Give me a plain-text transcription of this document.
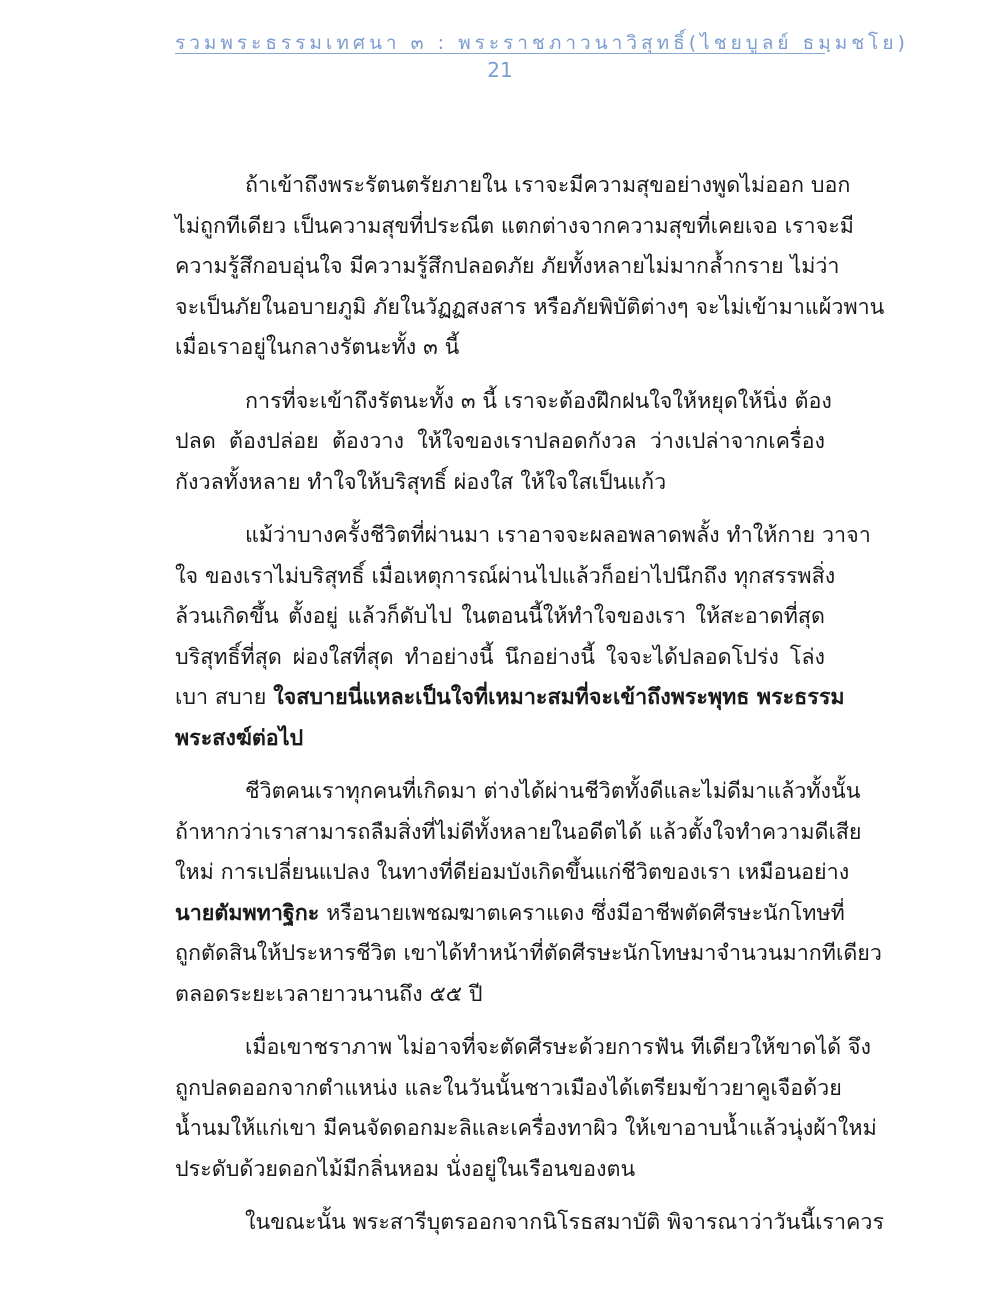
รวมพระธรรมเทศนา ๓ : พระราชภาวนาวิสุทธิ์(ไชยบูลย์ ธมฺมชโย)
21
ถ้าเข้าถึงพระรัตนตรัยภายใน เราจะมีความสุขอย่างพูดไม่ออก บอก
ไม่ถูกทีเดียว เป็นความสุขที่ประณีต แตกต่างจากความสุขที่เคยเจอ เราจะมี
ความรู้สึกอบอุ่นใจ มีความรู้สึกปลอดภัย ภัยทั้งหลายไม่มากล้ำกราย ไม่ว่า
จะเป็นภัยในอบายภูมิ ภัยในวัฏฏสงสาร หรือภัยพิบัติต่างๆ จะไม่เข้ามาแผ้วพาน
เมื่อเราอยู่ในกลางรัตนะทั้ง ๓ นี้
การที่จะเข้าถึงรัตนะทั้ง ๓ นี้ เราจะต้องฝึกฝนใจให้หยุดให้นิ่ง ต้อง
ปลด ต้องปล่อย ต้องวาง ให้ใจของเราปลอดกังวล ว่างเปล่าจากเครื่อง
กังวลทั้งหลาย ทำใจให้บริสุทธิ์ ผ่องใส ให้ใจใสเป็นแก้ว
แม้ว่าบางครั้งชีวิตที่ผ่านมา เราอาจจะผลอพลาดพลั้ง ทำให้กาย วาจา
ใจ ของเราไม่บริสุทธิ์ เมื่อเหตุการณ์ผ่านไปแล้วก็อย่าไปนึกถึง ทุกสรรพสิ่ง
ล้วนเกิดขึ้น ตั้งอยู่ แล้วก็ดับไป ในตอนนี้ให้ทำใจของเรา ให้สะอาดที่สุด
บริสุทธิ์ที่สุด ผ่องใสที่สุด ทำอย่างนี้ นึกอย่างนี้ ใจจะได้ปลอดโปร่ง โล่ง
เบา สบาย ใจสบายนี่แหละเป็นใจที่เหมาะสมที่จะเข้าถึงพระพุทธ พระธรรม
พระสงฆ์ต่อไป
ชีวิตคนเราทุกคนที่เกิดมา ต่างได้ผ่านชีวิตทั้งดีและไม่ดีมาแล้วทั้งนั้น
ถ้าหากว่าเราสามารถลืมสิ่งที่ไม่ดีทั้งหลายในอดีตได้ แล้วตั้งใจทำความดีเสีย
ใหม่ การเปลี่ยนแปลง ในทางที่ดีย่อมบังเกิดขึ้นแก่ชีวิตของเรา เหมือนอย่าง
นายตัมพทาฐิกะ หรือนายเพชฌฆาตเคราแดง ซึ่งมีอาชีพตัดศีรษะนักโทษที่
ถูกตัดสินให้ประหารชีวิต เขาได้ทำหน้าที่ตัดศีรษะนักโทษมาจำนวนมากทีเดียว
ตลอดระยะเวลายาวนานถึง ๕๕ ปี
เมื่อเขาชราภาพ ไม่อาจที่จะตัดศีรษะด้วยการฟัน ทีเดียวให้ขาดได้ จึง
ถูกปลดออกจากตำแหน่ง และในวันนั้นชาวเมืองได้เตรียมข้าวยาคูเจือด้วย
น้ำนมให้แก่เขา มีคนจัดดอกมะลิและเครื่องทาผิว ให้เขาอาบน้ำแล้วนุ่งผ้าใหม่
ประดับด้วยดอกไม้มีกลิ่นหอม นั่งอยู่ในเรือนของตน
ในขณะนั้น พระสารีบุตรออกจากนิโรธสมาบัติ พิจารณาว่าวันนี้เราควร
